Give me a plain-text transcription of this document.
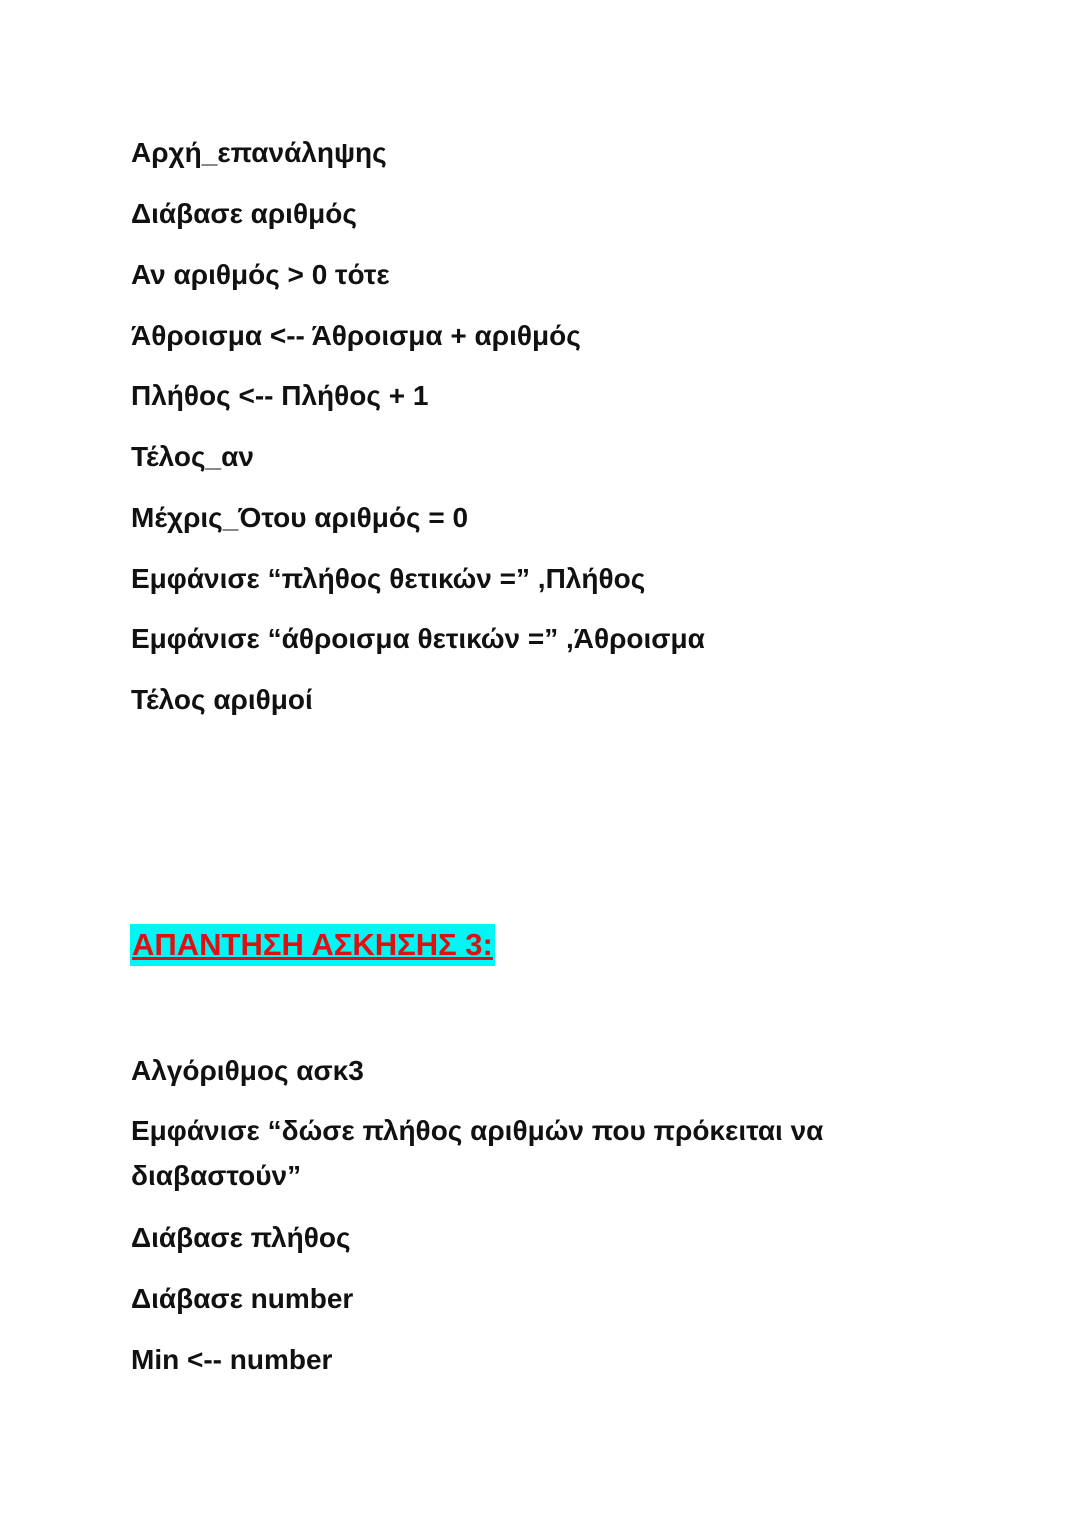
Αρχή_επανάληψης
Διάβασε αριθμός
Αν αριθμός > 0 τότε
Άθροισμα <-- Άθροισμα + αριθμός
Πλήθος <-- Πλήθος + 1
Τέλος_αν
Μέχρις_Ότου αριθμός = 0
Εμφάνισε “πλήθος θετικών =” ,Πλήθος
Εμφάνισε “άθροισμα θετικών =” ,Άθροισμα
Τέλος αριθμοί
ΑΠΑΝΤΗΣΗ ΑΣΚΗΣΗΣ 3:
Αλγόριθμος ασκ3
Εμφάνισε “δώσε πλήθος αριθμών που πρόκειται να διαβαστούν”
Διάβασε πλήθος
Διάβασε number
Min <-- number
